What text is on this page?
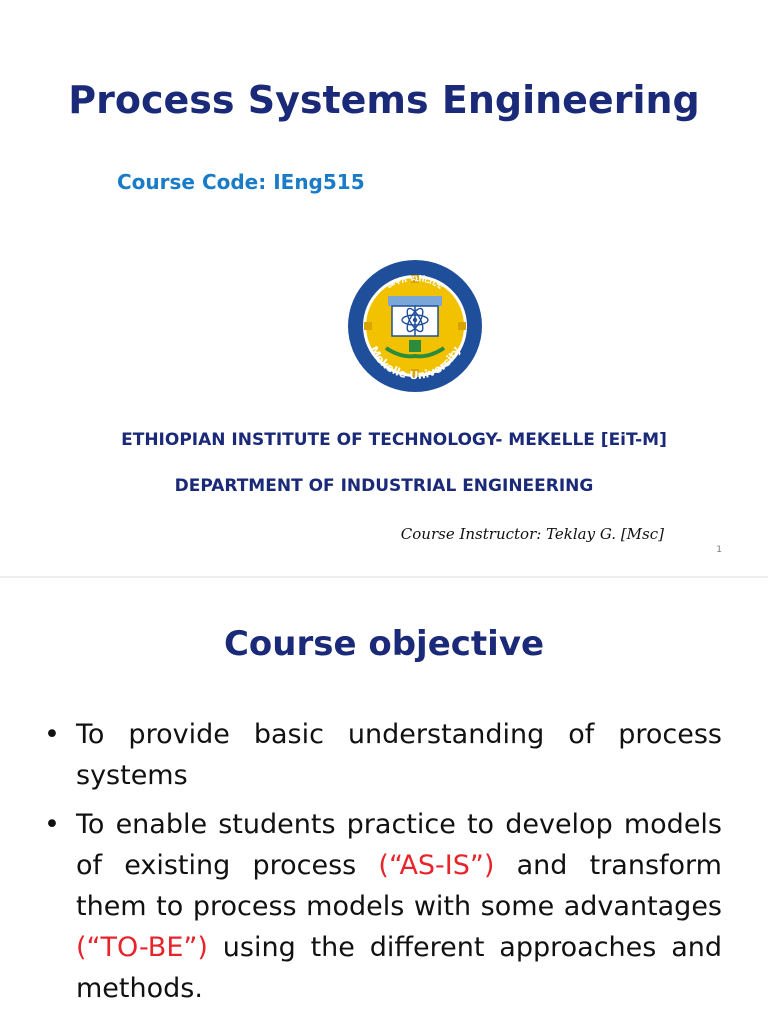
Process Systems Engineering
Course Code: IEng515
መቐለ ዩኒቨርሲቲ
Mekelle University
ETHIOPIAN INSTITUTE OF TECHNOLOGY- MEKELLE [EiT-M]
DEPARTMENT OF INDUSTRIAL ENGINEERING
Course Instructor: Teklay G. [Msc]
1
Course objective
• To provide basic understanding of process systems
• To enable students practice to develop models of existing process (“AS-IS”) and transform them to process models with some advantages (“TO-BE”) using the different approaches and methods.
